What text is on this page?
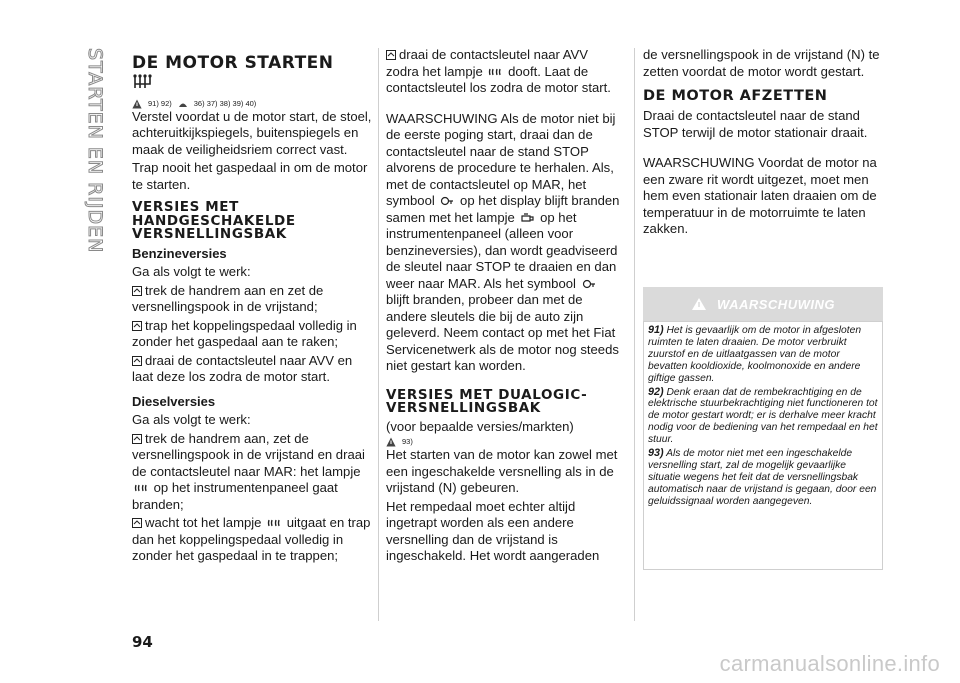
STARTEN EN RIJDEN DE MOTOR STARTEN
91) 92)	36) 37) 38) 39) 40)

Verstel voordat u de motor start, de stoel, achteruitkijkspiegels, buitenspiegels en maak de veiligheidsriem correct vast.

Trap nooit het gaspedaal in om de motor te starten.

VERSIES MET HANDGESCHAKELDE VERSNELLINGSBAK
Benzineversies

Ga als volgt te werk:

trek de handrem aan en zet de versnellingspook in de vrijstand;

trap het koppelingspedaal volledig in zonder het gaspedaal aan te raken;

draai de contactsleutel naar AVV en laat deze los zodra de motor start.

Dieselversies

Ga als volgt te werk:

trek de handrem aan, zet de versnellingspook in de vrijstand en draai de contactsleutel naar MAR: het lampje  op het instrumentenpaneel gaat branden;

wacht tot het lampje uitgaat en trap dan het koppelingspedaal volledig in zonder het gaspedaal in te trappen;

draai de contactsleutel naar AVV zodra het lampje dooft. Laat de contactsleutel los zodra de motor start.

WAARSCHUWING Als de motor niet bij de eerste poging start, draai dan de contactsleutel naar de stand STOP alvorens de procedure te herhalen. Als, met de contactsleutel op MAR, het symbool op het display blijft branden samen met het lampje op het instrumentenpaneel (alleen voor benzineversies), dan wordt geadviseerd de sleutel naar STOP te draaien en dan weer naar MAR. Als het symbool  blijft branden, probeer dan met de andere sleutels die bij de auto zijn geleverd. Neem contact op met het Fiat Servicenetwerk als de motor nog steeds niet gestart kan worden.

VERSIES MET DUALOGIC-VERSNELLINGSBAK

(voor bepaalde versies/markten)

93)

Het starten van de motor kan zowel met een ingeschakelde versnelling als in de vrijstand (N) gebeuren.

Het rempedaal moet echter altijd ingetrapt worden als een andere versnelling dan de vrijstand is ingeschakeld. Het wordt aangeraden

de versnellingspook in de vrijstand (N) te zetten voordat de motor wordt gestart.

DE MOTOR AFZETTEN

Draai de contactsleutel naar de stand STOP terwijl de motor stationair draait.

WAARSCHUWING Voordat de motor na een zware rit wordt uitgezet, moet men hem even stationair laten draaien om de temperatuur in de motorruimte te laten zakken.

WAARSCHUWING

91) Het is gevaarlijk om de motor in afgesloten ruimten te laten draaien. De motor verbruikt zuurstof en de uitlaatgassen van de motor bevatten kooldioxide, koolmonoxide en andere giftige gassen.

92) Denk eraan dat de rembekrachtiging en de elektrische stuurbekrachtiging niet functioneren tot de motor gestart wordt; er is derhalve meer kracht nodig voor de bediening van het rempedaal en het stuur.

93) Als de motor niet met een ingeschakelde versnelling start, zal de mogelijk gevaarlijke situatie wegens het feit dat de versnellingsbak automatisch naar de vrijstand is gegaan, door een geluidssignaal worden aangegeven.

94
carmanualsonline.info
